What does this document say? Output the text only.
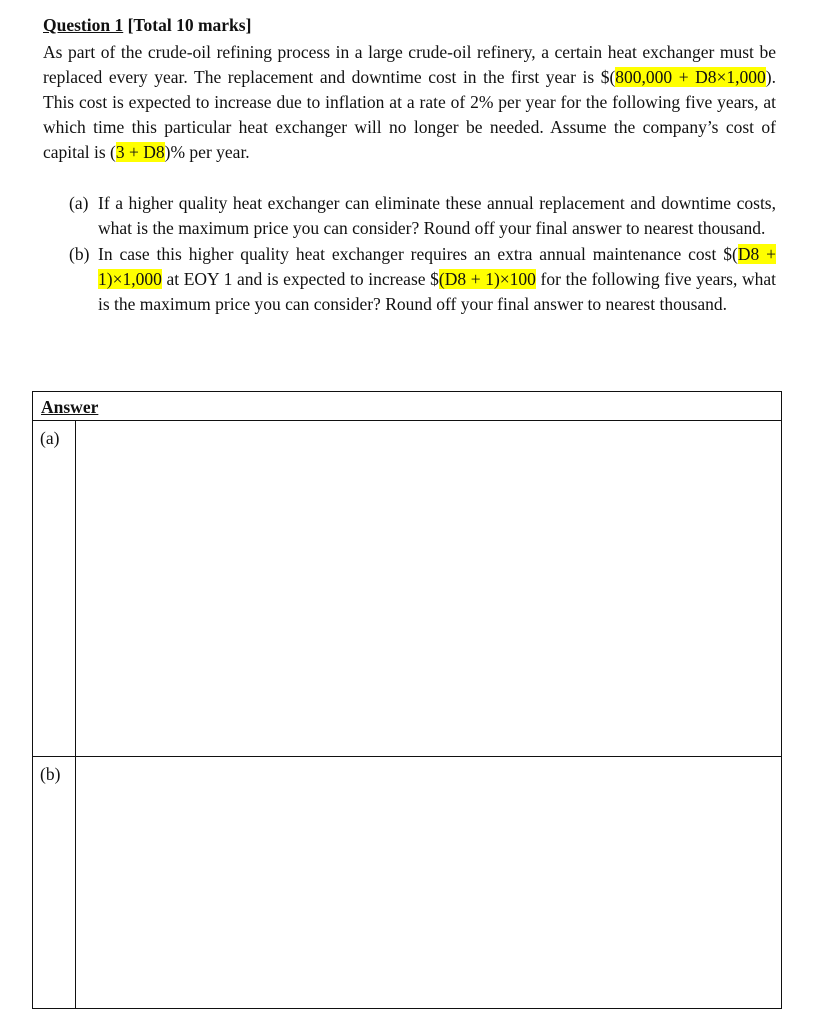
Question 1 [Total 10 marks]
As part of the crude-oil refining process in a large crude-oil refinery, a certain heat exchanger must be replaced every year. The replacement and downtime cost in the first year is $(800,000 + D8×1,000). This cost is expected to increase due to inflation at a rate of 2% per year for the following five years, at which time this particular heat exchanger will no longer be needed. Assume the company’s cost of capital is (3 + D8)% per year.
(a) If a higher quality heat exchanger can eliminate these annual replacement and downtime costs, what is the maximum price you can consider? Round off your final answer to nearest thousand.
(b) In case this higher quality heat exchanger requires an extra annual maintenance cost $(D8 + 1)×1,000 at EOY 1 and is expected to increase $(D8 + 1)×100 for the following five years, what is the maximum price you can consider? Round off your final answer to nearest thousand.
Answer
(a)
(b)
